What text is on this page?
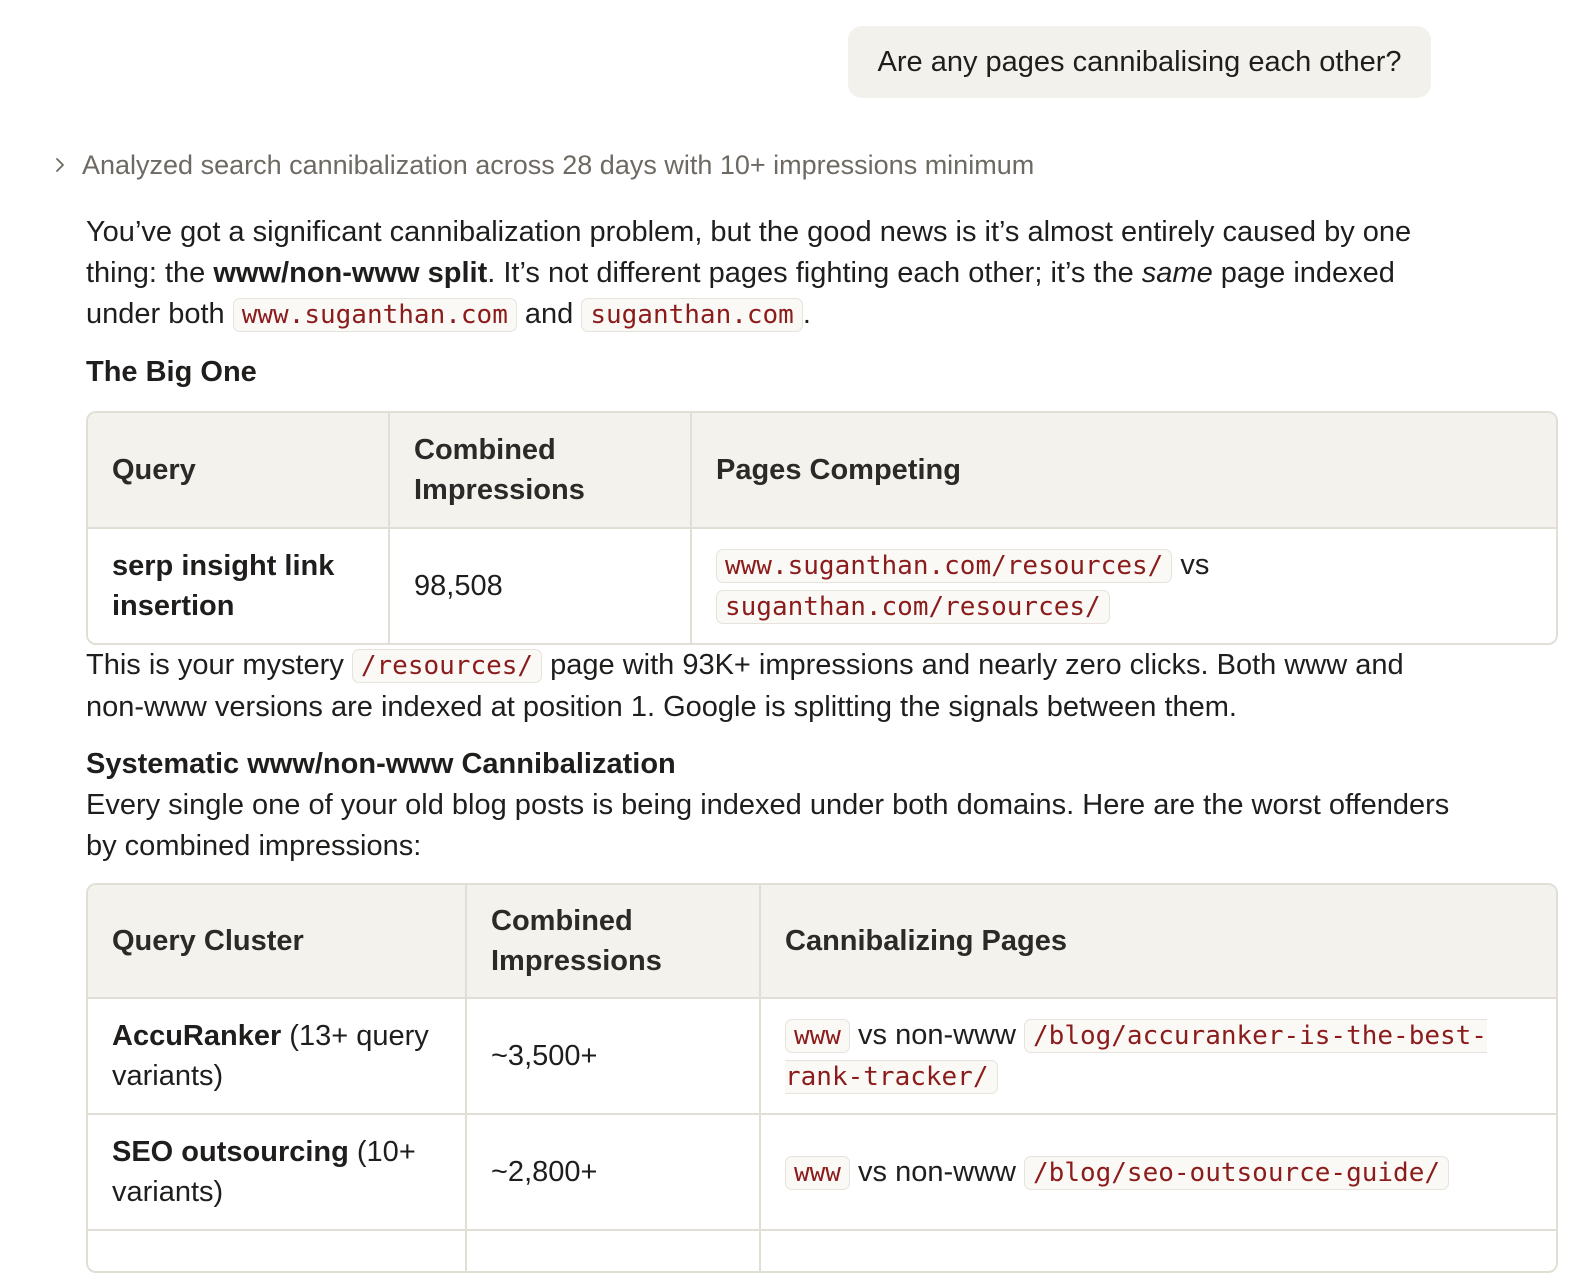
Are any pages cannibalising each other?
Analyzed search cannibalization across 28 days with 10+ impressions minimum

You’ve got a significant cannibalization problem, but the good news is it’s almost entirely caused by one thing: the www/non-www split. It’s not different pages fighting each other; it’s the same page indexed under both www.suganthan.com and suganthan.com .

The Big One
Query	Combined Impressions	Pages Competing
serp insight link insertion	98,508	www.suganthan.com/resources/ vs
suganthan.com/resources/

This is your mystery /resources/ page with 93K+ impressions and nearly zero clicks. Both www and non-www versions are indexed at position 1. Google is splitting the signals between them.

Systematic www/non-www Cannibalization

Every single one of your old blog posts is being indexed under both domains. Here are the worst offenders by combined impressions:

Query Cluster	Combined Impressions	Cannibalizing Pages
AccuRanker (13+ query variants)	~3,500+	www vs non-www /blog/accuranker-is-the-best-rank-tracker/
SEO outsourcing (10+ variants)	~2,800+	www vs non-www /blog/seo-outsource-guide/
